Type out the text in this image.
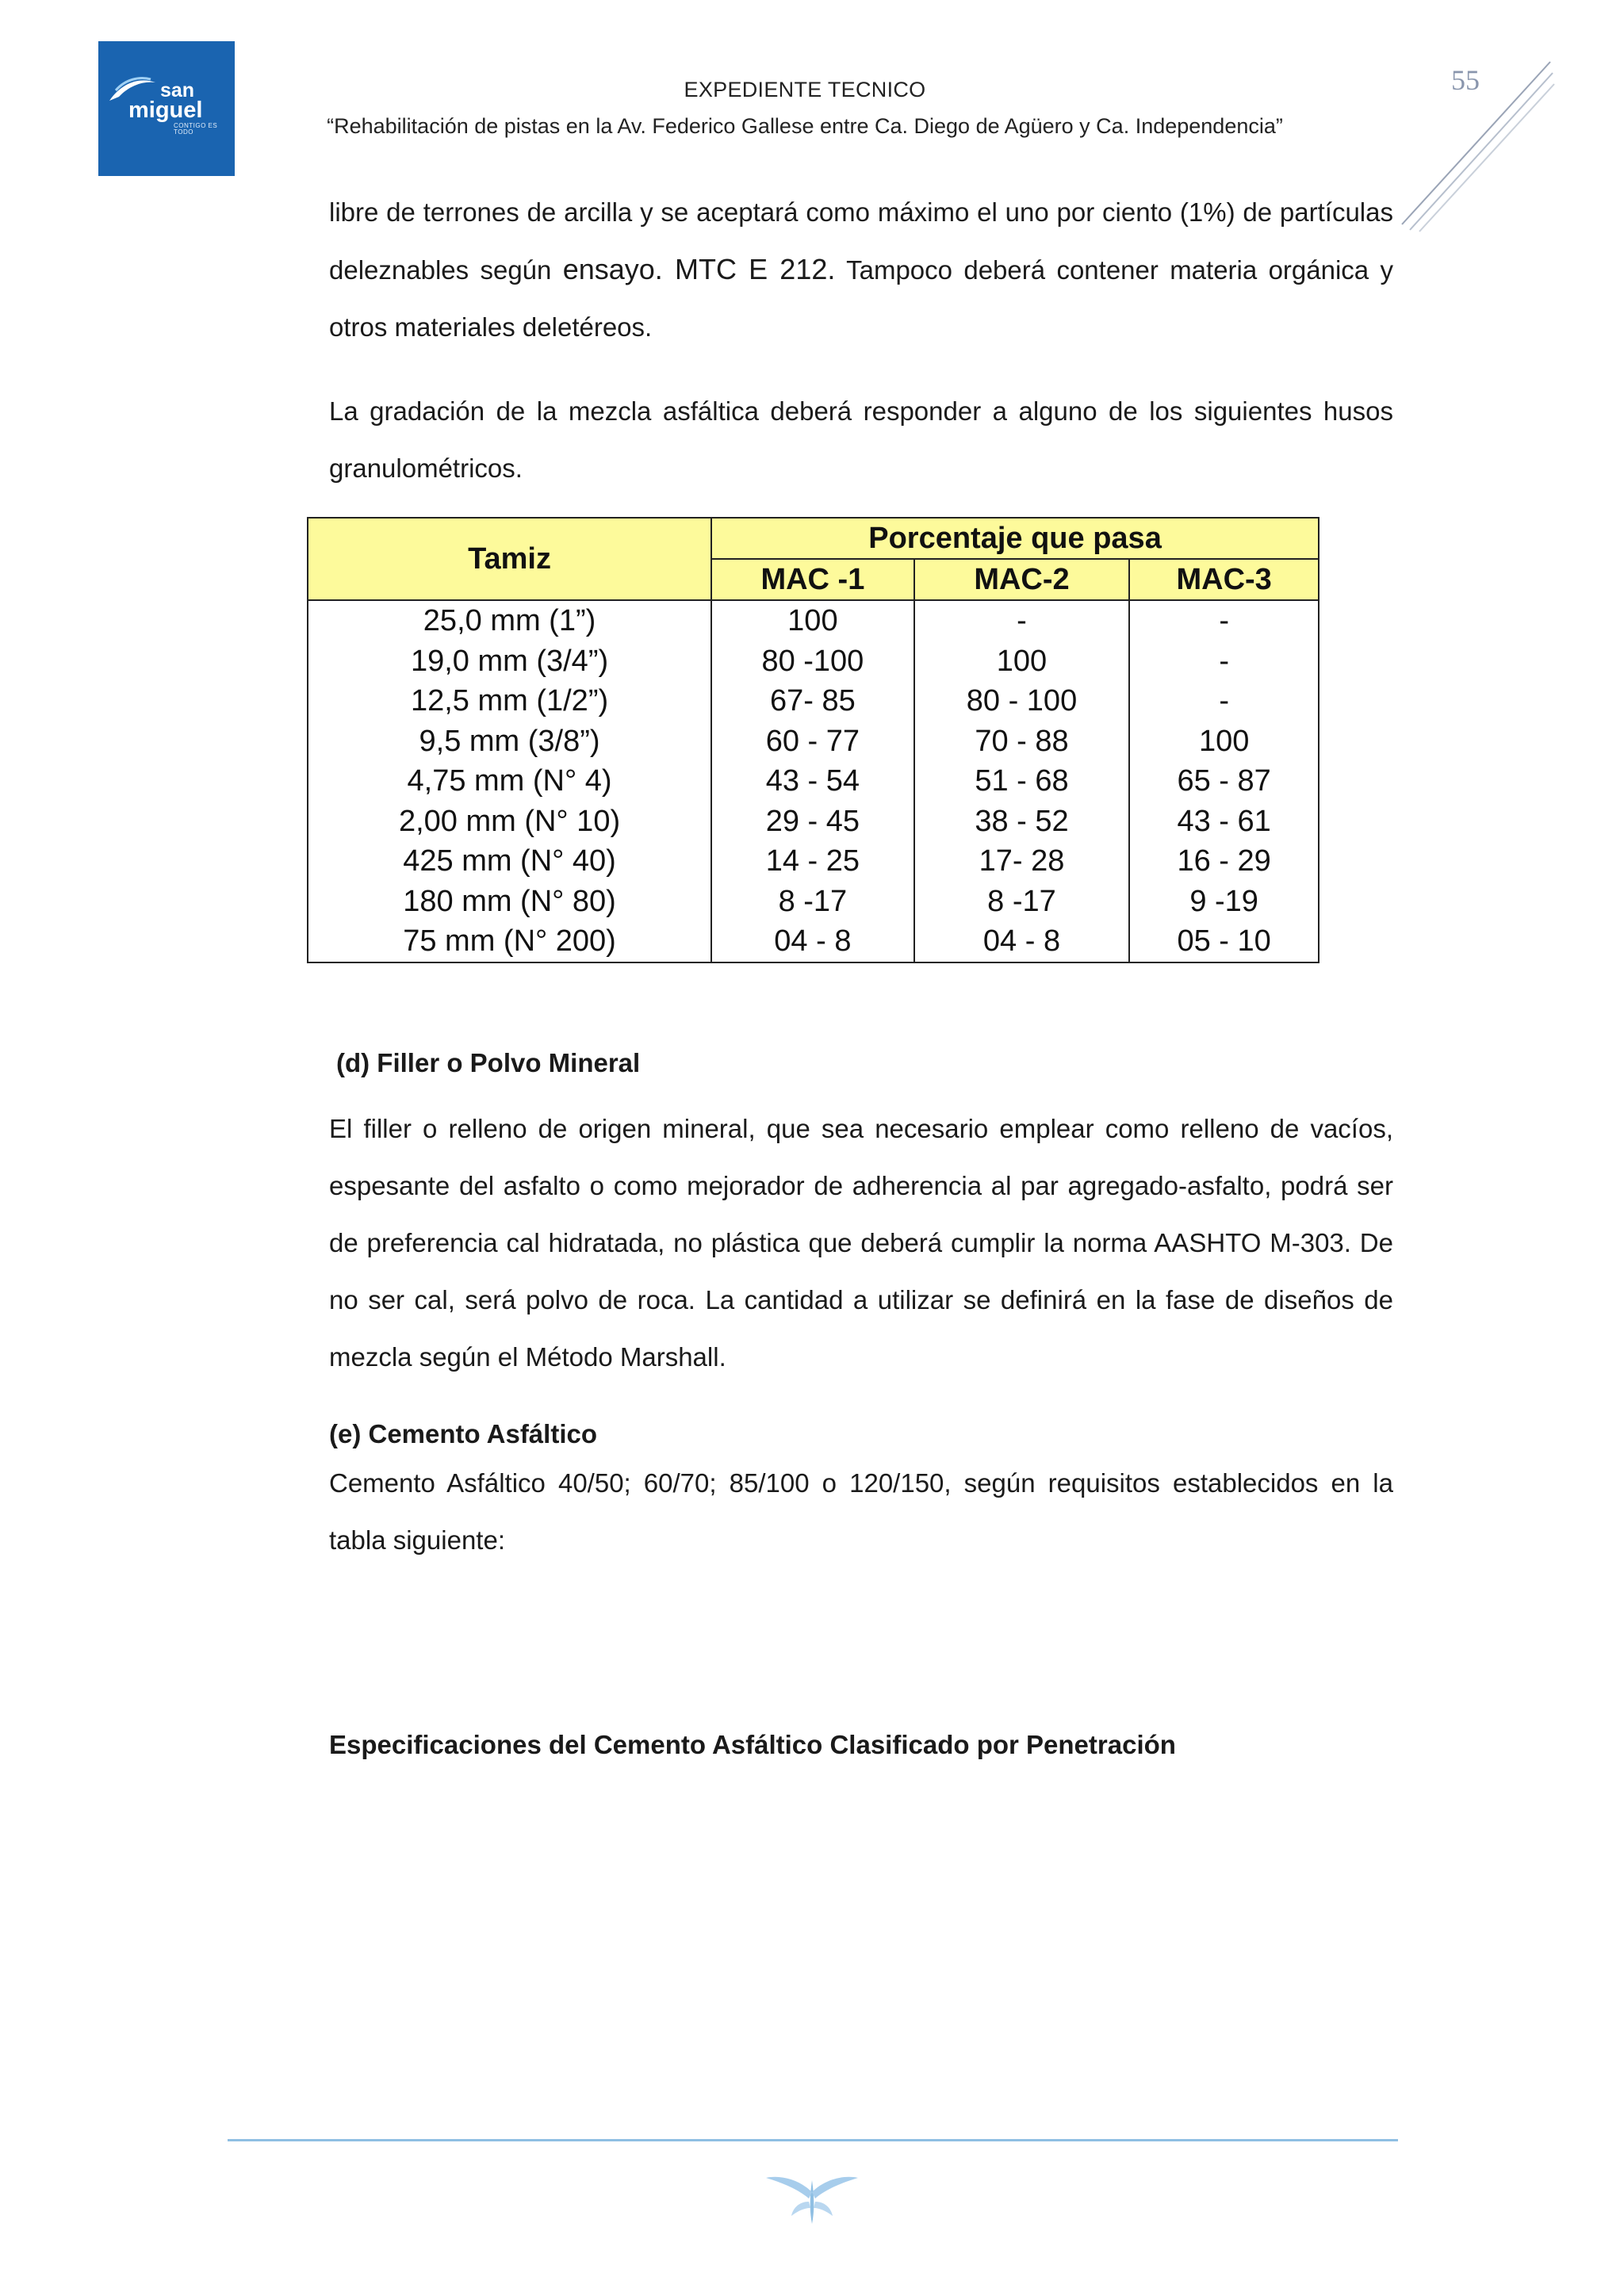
san
miguel
CONTIGO ES TODO
EXPEDIENTE TECNICO
“Rehabilitación de pistas en la Av. Federico Gallese entre Ca. Diego de Agüero y Ca. Independencia”
55

libre de terrones de arcilla y se aceptará como máximo el uno por ciento (1%) de partículas deleznables según ensayo. MTC E 212. Tampoco deberá contener materia orgánica y otros materiales deletéreos.

La gradación de la mezcla asfáltica deberá responder a alguno de los siguientes husos granulométricos.

Tamiz	Porcentaje que pasa		
	MAC -1	MAC-2	MAC-3
25,0 mm (1”)	100	-	-
19,0 mm (3/4”)	80 -100	100	-
12,5 mm (1/2”)	67- 85	80 - 100	-
9,5 mm (3/8”)	60 - 77	70 - 88	100
4,75 mm (N° 4)	43 - 54	51 - 68	65 - 87
2,00 mm (N° 10)	29 - 45	38 - 52	43 - 61
425 mm (N° 40)	14 - 25	17- 28	16 - 29
180 mm (N° 80)	8 -17	8 -17	9 -19
75 mm (N° 200)	04 - 8	04 - 8	05 - 10
(d) Filler o Polvo Mineral

El filler o relleno de origen mineral, que sea necesario emplear como relleno de vacíos, espesante del asfalto o como mejorador de adherencia al par agregado-asfalto, podrá ser de preferencia cal hidratada, no plástica que deberá cumplir la norma AASHTO M-303. De no ser cal, será polvo de roca. La cantidad a utilizar se definirá en la fase de diseños de mezcla según el Método Marshall.

(e) Cemento Asfáltico

Cemento Asfáltico 40/50; 60/70; 85/100 o 120/150, según requisitos establecidos en la tabla siguiente:

Especificaciones del Cemento Asfáltico Clasificado por Penetración
